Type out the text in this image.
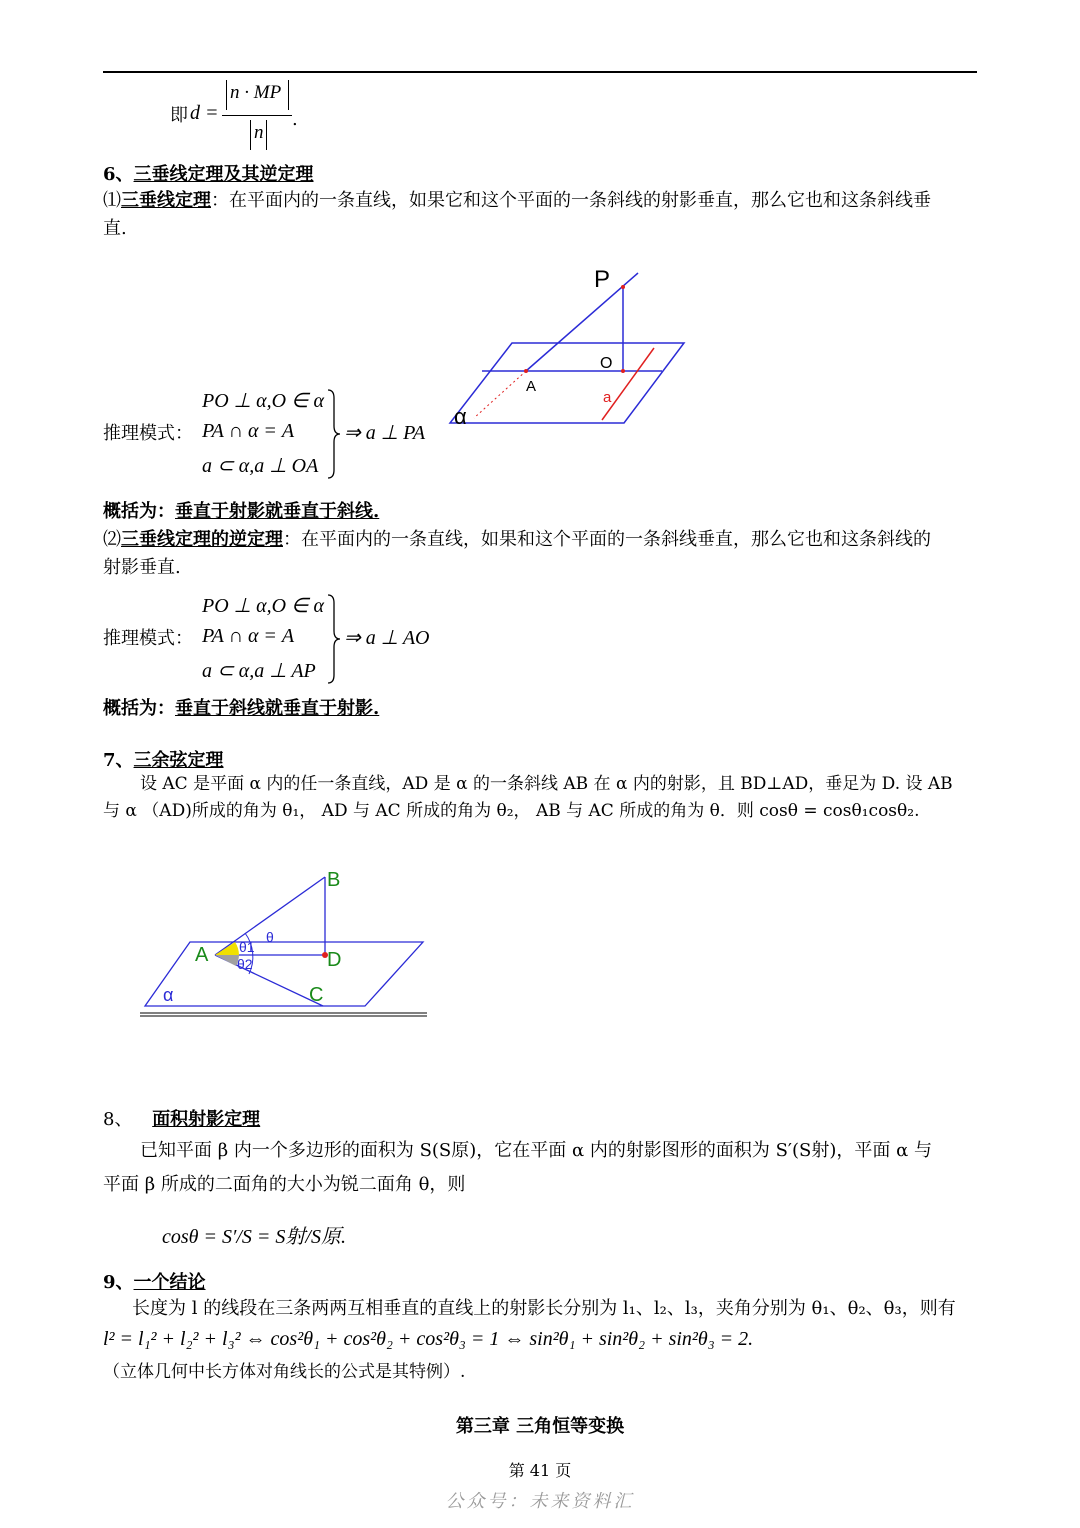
即 d =
n · MP
n
.
6、三垂线定理及其逆定理
⑴三垂线定理：在平面内的一条直线，如果它和这个平面的一条斜线的射影垂直，那么它也和这条斜线垂
直.
P
O
A
a
α
推理模式：
PO ⊥ α,O ∈ α
PA ∩ α = A
a ⊂ α,a ⊥ OA
⇒ a ⊥ PA
概括为：垂直于射影就垂直于斜线.
⑵三垂线定理的逆定理：在平面内的一条直线，如果和这个平面的一条斜线垂直，那么它也和这条斜线的
射影垂直.
推理模式：
PO ⊥ α,O ∈ α
PA ∩ α = A
a ⊂ α,a ⊥ AP
⇒ a ⊥ AO
概括为：垂直于斜线就垂直于射影.
7、三余弦定理
设 AC 是平面 α 内的任一条直线，AD 是 α 的一条斜线 AB 在 α 内的射影，且 BD⊥AD，垂足为 D. 设 AB
与 α （AD)所成的角为 θ₁， AD 与 AC 所成的角为 θ₂， AB 与 AC 所成的角为 θ．则 cosθ = cosθ₁cosθ₂.
B
A	D
C
α
θ
θ1
θ2
8、 面积射影定理
已知平面 β 内一个多边形的面积为 S(S原)，它在平面 α 内的射影图形的面积为 S′(S射)，平面 α 与
平面 β 所成的二面角的大小为锐二面角 θ，则
cosθ = S′/S = S射/S原.
9、一个结论
长度为 l 的线段在三条两两互相垂直的直线上的射影长分别为 l₁、l₂、l₃，夹角分别为 θ₁、θ₂、θ₃，则有
l² = l₁² + l₂² + l₃² ⇔ cos²θ₁ + cos²θ₂ + cos²θ₃ = 1 ⇔ sin²θ₁ + sin²θ₂ + sin²θ₃ = 2.
（立体几何中长方体对角线长的公式是其特例）.
第三章 三角恒等变换
第 41 页
公众号：未来资料汇
